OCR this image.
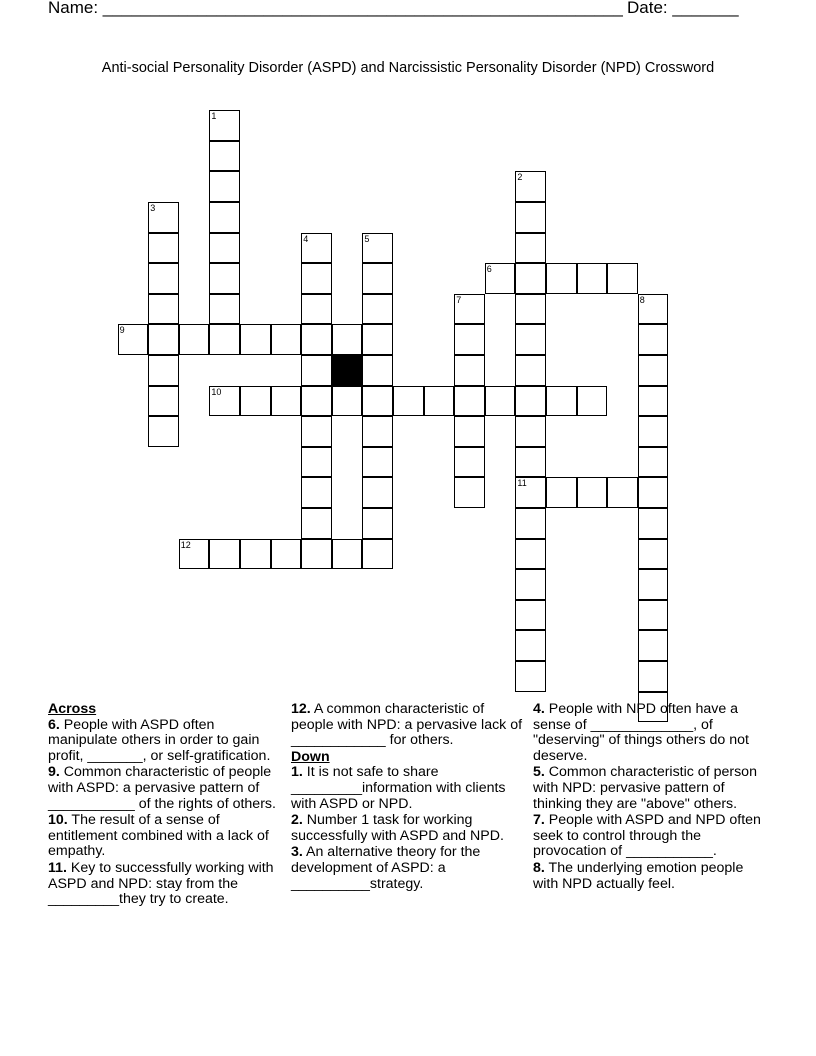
Name: _______________________________________________________ Date: _______
Anti-social Personality Disorder (ASPD) and Narcissistic Personality Disorder (NPD) Crossword
1
2
3
4	5
6
7	8
9
10
11
12
Across
6. People with ASPD often manipulate others in order to gain profit, _______, or self-gratification.
9. Common characteristic of people with ASPD: a pervasive pattern of ___________ of the rights of others.
10. The result of a sense of entitlement combined with a lack of empathy.
11. Key to successfully working with ASPD and NPD: stay from the _________they try to create.
12. A common characteristic of people with NPD: a pervasive lack of ____________ for others.
Down
1. It is not safe to share _________information with clients with ASPD or NPD.
2. Number 1 task for working successfully with ASPD and NPD.
3. An alternative theory for the development of ASPD: a __________strategy.
4. People with NPD often have a sense of _____________, of "deserving" of things others do not deserve.
5. Common characteristic of person with NPD: pervasive pattern of thinking they are "above" others.
7. People with ASPD and NPD often seek to control through the provocation of ___________.
8. The underlying emotion people with NPD actually feel.
